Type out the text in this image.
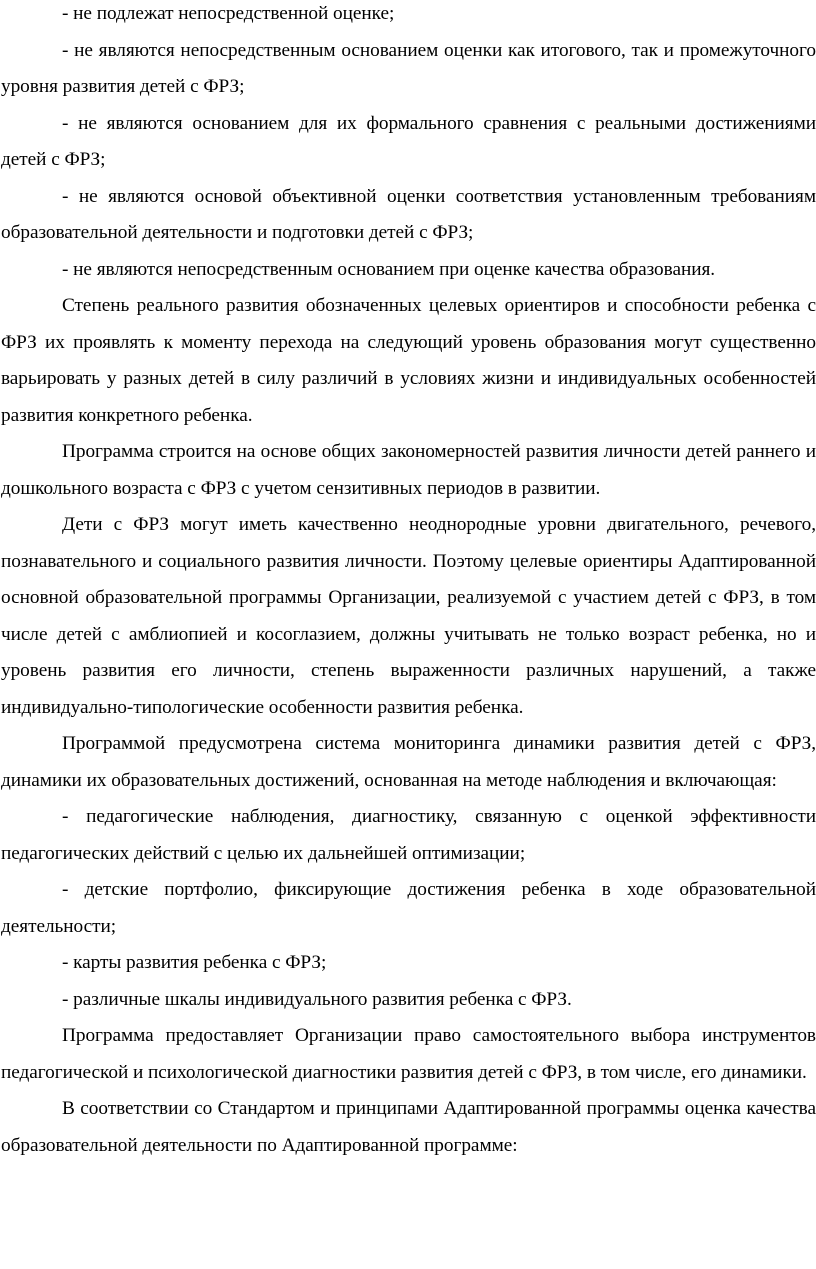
- не подлежат непосредственной оценке;

- не являются непосредственным основанием оценки как итогового, так и промежуточного уровня развития детей с ФРЗ;

- не являются основанием для их формального сравнения с реальными достижениями детей с ФРЗ;

- не являются основой объективной оценки соответствия установленным требованиям образовательной деятельности и подготовки детей с ФРЗ;

- не являются непосредственным основанием при оценке качества образования.

Степень реального развития обозначенных целевых ориентиров и способности ребенка с ФРЗ их проявлять к моменту перехода на следующий уровень образования могут существенно варьировать у разных детей в силу различий в условиях жизни и индивидуальных особенностей развития конкретного ребенка.

Программа строится на основе общих закономерностей развития личности детей раннего и дошкольного возраста с ФРЗ с учетом сензитивных периодов в развитии.

Дети с ФРЗ могут иметь качественно неоднородные уровни двигательного, речевого, познавательного и социального развития личности. Поэтому целевые ориентиры Адаптированной основной образовательной программы Организации, реализуемой с участием детей с ФРЗ, в том числе детей с амблиопией и косоглазием, должны учитывать не только возраст ребенка, но и уровень развития его личности, степень выраженности различных нарушений, а также индивидуально-типологические особенности развития ребенка.

Программой предусмотрена система мониторинга динамики развития детей с ФРЗ, динамики их образовательных достижений, основанная на методе наблюдения и включающая:

- педагогические наблюдения, диагностику, связанную с оценкой эффективности педагогических действий с целью их дальнейшей оптимизации;

- детские портфолио, фиксирующие достижения ребенка в ходе образовательной деятельности;

- карты развития ребенка с ФРЗ;

- различные шкалы индивидуального развития ребенка с ФРЗ.

Программа предоставляет Организации право самостоятельного выбора инструментов педагогической и психологической диагностики развития детей с ФРЗ, в том числе, его динамики.

В соответствии со Стандартом и принципами Адаптированной программы оценка качества образовательной деятельности по Адаптированной программе:
